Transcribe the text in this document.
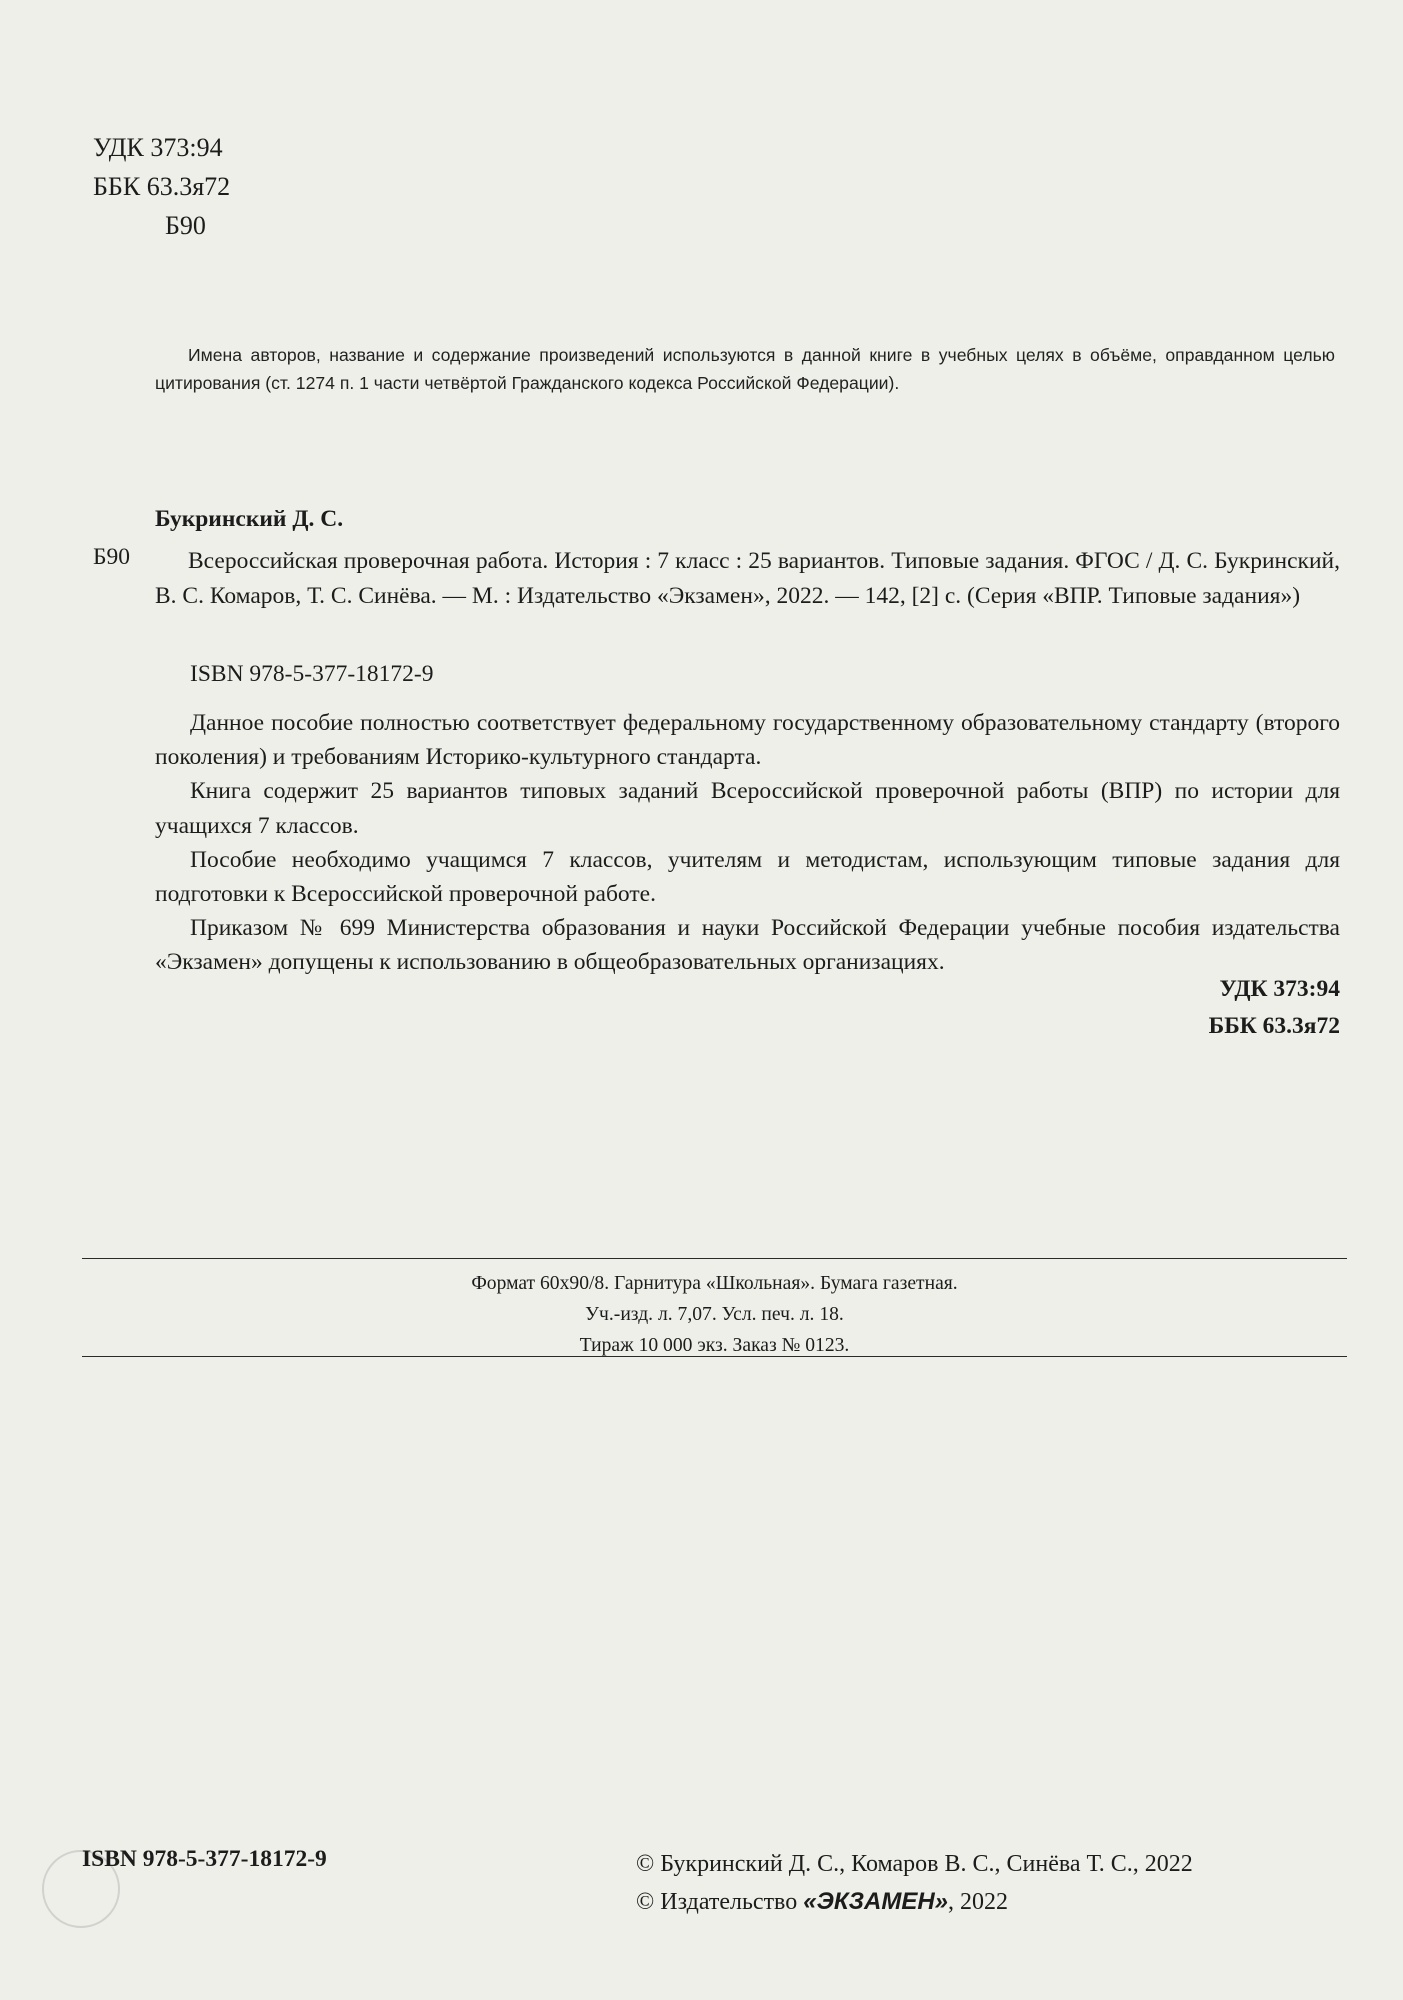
УДК 373:94
ББК 63.3я72
Б90
Имена авторов, название и содержание произведений используются в данной книге в учебных целях в объёме, оправданном целью цитирования (ст. 1274 п. 1 части четвёртой Гражданского кодекса Российской Федерации).
Букринский Д. С.
Б90	Всероссийская проверочная работа. История : 7 класс : 25 вариантов. Типовые задания. ФГОС / Д. С. Букринский, В. С. Комаров, Т. С. Синёва. — М. : Издательство «Экзамен», 2022. — 142, [2] с. (Серия «ВПР. Типовые задания»)
ISBN 978-5-377-18172-9

Данное пособие полностью соответствует федеральному государственному образовательному стандарту (второго поколения) и требованиям Историко-культурного стандарта.

Книга содержит 25 вариантов типовых заданий Всероссийской проверочной работы (ВПР) по истории для учащихся 7 классов.

Пособие необходимо учащимся 7 классов, учителям и методистам, использующим типовые задания для подготовки к Всероссийской проверочной работе.

Приказом № 699 Министерства образования и науки Российской Федерации учебные пособия издательства «Экзамен» допущены к использованию в общеобразовательных организациях.

УДК 373:94
ББК 63.3я72
Формат 60х90/8. Гарнитура «Школьная». Бумага газетная.
Уч.-изд. л. 7,07. Усл. печ. л. 18.
Тираж 10 000 экз. Заказ № 0123.
ISBN 978-5-377-18172-9	© Букринский Д. С., Комаров В. С., Синёва Т. С., 2022
© Издательство «ЭКЗАМЕН», 2022
